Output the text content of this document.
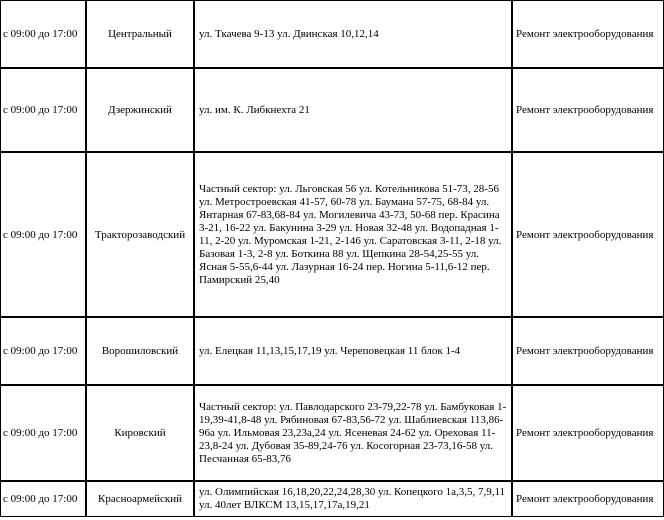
с 09:00 до 17:00	Центральный	ул. Ткачева 9-13 ул. Двинская 10,12,14	Ремонт электрооборудования
с 09:00 до 17:00	Дзержинский	ул. им. К. Либкнехта 21	Ремонт электрооборудования
с 09:00 до 17:00	Тракторозаводский	Частный сектор: ул. Льговская 56 ул. Котельникова 51-73, 28-56 ул. Метростроевская 41-57, 60-78 ул. Баумана 57-75, 68-84 ул. Янтарная 67-83,68-84 ул. Могилевича 43-73, 50-68 пер. Красина 3-21, 16-22 ул. Бакунина 3-29 ул. Новая 32-48 ул. Водопадная 1-11, 2-20 ул. Муромская 1-21, 2-146 ул. Саратовская 3-11, 2-18 ул. Базовая 1-3, 2-8 ул. Боткина 88 ул. Щепкина 28-54,25-55 ул. Ясная 5-55,6-44 ул. Лазурная 16-24 пер. Ногина 5-11,6-12 пер. Памирский 25,40	Ремонт электрооборудования
с 09:00 до 17:00	Ворошиловский	ул. Елецкая 11,13,15,17,19 ул. Череповецкая 11 блок 1-4	Ремонт электрооборудования
с 09:00 до 17:00	Кировский	Частный сектор: ул. Павлодарского 23-79,22-78 ул. Бамбуковая 1-19,39-41,8-48 ул. Рябиновая 67-83,56-72 ул. Шаблиевская 113,86-96а ул. Ильмовая 23,23а,24 ул. Ясеневая 24-62 ул. Ореховая 11-23,8-24 ул. Дубовая 35-89,24-76 ул. Косогорная 23-73,16-58 ул. Песчанная 65-83,76	Ремонт электрооборудования
с 09:00 до 17:00	Красноармейский	ул. Олимпийская 16,18,20,22,24,28,30 ул. Копецкого 1а,3,5, 7,9,11 ул. 40лет ВЛКСМ 13,15,17,17а,19,21	Ремонт электрооборудования
